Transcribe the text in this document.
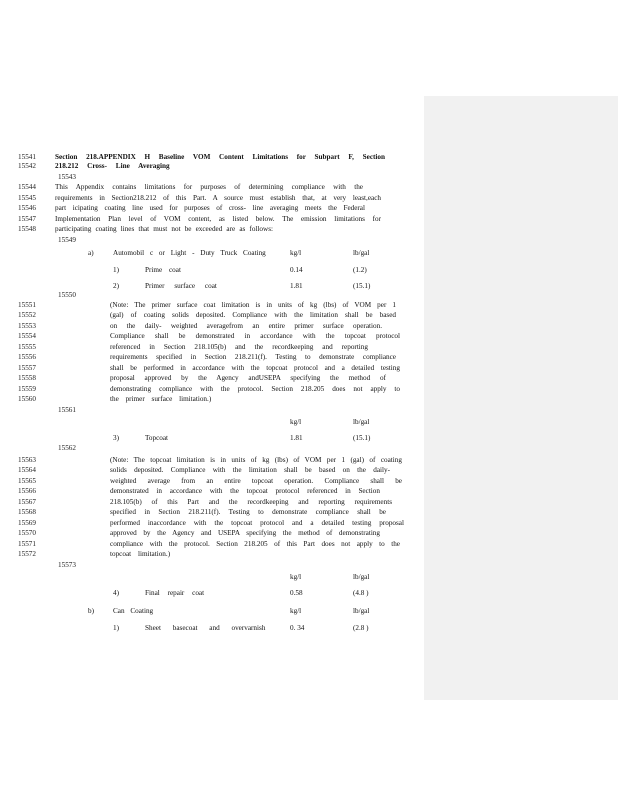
15541
15542
Section 218.APPENDIX H Baseline VOM Content Limitations for Subpart F, Section
218.212 Cross- Line Averaging
15543
15544
15545
15546
15547
15548
This Appendix contains limitations for purposes of determining compliance with the
requirements in Section218.212 of this Part. A source must establish that, at very least,each
part icipating coating line used for purposes of cross- line averaging meets the Federal
Implementation Plan level of VOM content, as listed below. The emission limitations for
participating coating lines that must not be exceeded are as follows:
15549
a)	Automobil c or Light - Duty Truck Coating	kg/l	lb/gal
1)	Prime coat	0.14	(1.2)
2)	Primer surface coat	1.81	(15.1)
15550
15551
15552
15553
15554
15555
15556
15557
15558
15559
15560
(Note: The primer surface coat limitation is in units of kg (lbs) of VOM per 1
(gal) of coating solids deposited. Compliance with the limitation shall be based
on the daily- weighted averagefrom an entire primer surface operation.
Compliance shall be demonstrated in accordance with the topcoat protocol
referenced in Section 218.105(b) and the recordkeeping and reporting
requirements specified in Section 218.211(f). Testing to demonstrate compliance
shall be performed in accordance with the topcoat protocol and a detailed testing
proposal approved by the Agency andUSEPA specifying the method of
demonstrating compliance with the protocol. Section 218.205 does not apply to
the primer surface limitation.)
15561
kg/l	lb/gal
3)	Topcoat	1.81	(15.1)
15562
15563
15564
15565
15566
15567
15568
15569
15570
15571
15572
(Note: The topcoat limitation is in units of kg (lbs) of VOM per 1 (gal) of coating
solids deposited. Compliance with the limitation shall be based on the daily-
weighted average from an entire topcoat operation. Compliance shall be
demonstrated in accordance with the topcoat protocol referenced in Section
218.105(b) of this Part and the recordkeeping and reporting requirements
specified in Section 218.211(f). Testing to demonstrate compliance shall be
performed inaccordance with the topcoat protocol and a detailed testing proposal
approved by the Agency and USEPA specifying the method of demonstrating
compliance with the protocol. Section 218.205 of this Part does not apply to the
topcoat limitation.)
15573
kg/l	lb/gal
4)	Final repair coat	0.58	(4.8 )
b)	Can Coating	kg/l	lb/gal
1)	Sheet basecoat and overvarnish	0. 34	(2.8 )
